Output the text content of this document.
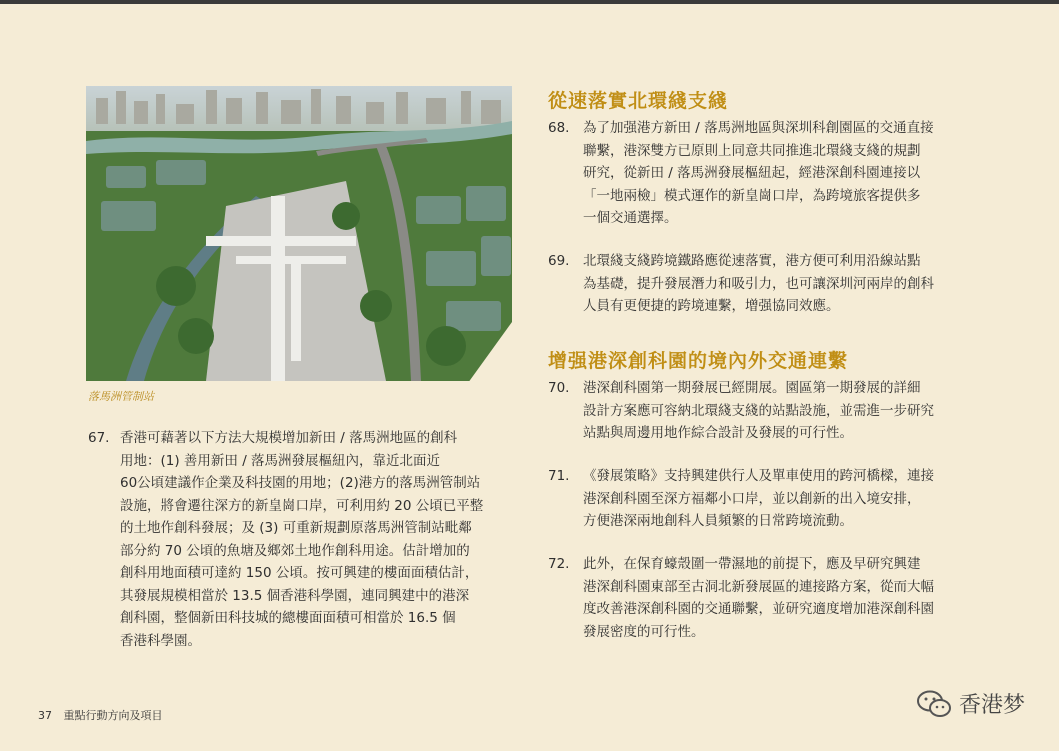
落馬洲管制站
從速落實北環綫支綫
增强港深創科園的境內外交通連繫
67. 香港可藉著以下方法大規模增加新田 / 落馬洲地區的創科
用地：(1) 善用新田 / 落馬洲發展樞紐內，靠近北面近
60公頃建議作企業及科技園的用地；(2)港方的落馬洲管制站
設施，將會遷往深方的新皇崗口岸，可利用約 20 公頃已平整
的土地作創科發展；及 (3) 可重新規劃原落馬洲管制站毗鄰
部分約 70 公頃的魚塘及鄉郊土地作創科用途。估計增加的
創科用地面積可達約 150 公頃。按可興建的樓面面積估計，
其發展規模相當於 13.5 個香港科學園，連同興建中的港深
創科園，整個新田科技城的總樓面面積可相當於 16.5 個
香港科學園。
68. 為了加强港方新田 / 落馬洲地區與深圳科創園區的交通直接
聯繫，港深雙方已原則上同意共同推進北環綫支綫的規劃
研究，從新田 / 落馬洲發展樞紐起，經港深創科園連接以
「一地兩檢」模式運作的新皇崗口岸，為跨境旅客提供多
一個交通選擇。
69. 北環綫支綫跨境鐵路應從速落實，港方便可利用沿線站點
為基礎，提升發展潛力和吸引力，也可讓深圳河兩岸的創科
人員有更便捷的跨境連繫，增强協同效應。
70. 港深創科園第一期發展已經開展。園區第一期發展的詳細
設計方案應可容納北環綫支綫的站點設施，並需進一步研究
站點與周邊用地作綜合設計及發展的可行性。
71. 《發展策略》支持興建供行人及單車使用的跨河橋樑，連接
港深創科園至深方福鄰小口岸，並以創新的出入境安排，
方便港深兩地創科人員頻繁的日常跨境流動。
72. 此外，在保育蠔殼圍一帶濕地的前提下，應及早研究興建
港深創科園東部至古洞北新發展區的連接路方案，從而大幅
度改善港深創科園的交通聯繫，並研究適度增加港深創科園
發展密度的可行性。
37 重點行動方向及項目	香港梦
